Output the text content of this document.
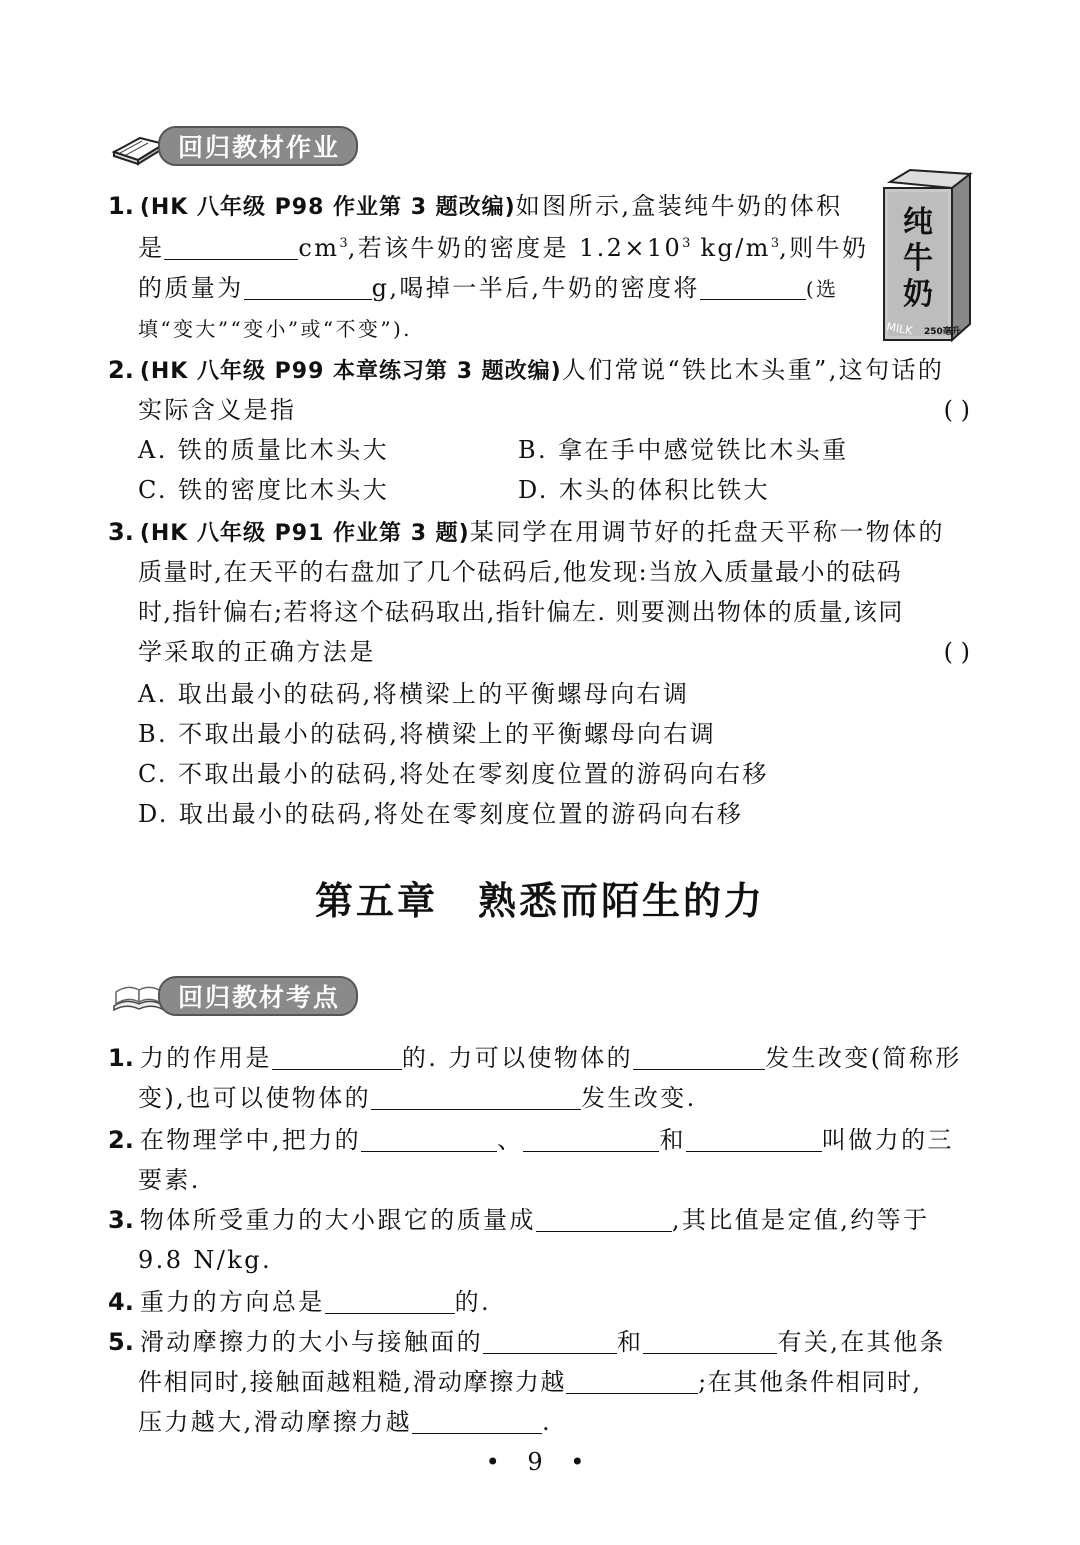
回归教材作业
1. (HK 八年级 P98 作业第 3 题改编)如图所示,盒装纯牛奶的体积
是	$cm^3$,若该牛奶的密度是 $1.2\times 10^3$ $kg/m^3$,则牛奶
的质量为	g,喝掉一半后,牛奶的密度将	(选
填“变大”“变小”或“不变”).
纯
牛
奶
MILK 250毫升
2. (HK 八年级 P99 本章练习第 3 题改编)人们常说“铁比木头重”,这句话的
实际含义是指	( )
A. 铁的质量比木头大	B. 拿在手中感觉铁比木头重
C. 铁的密度比木头大	D. 木头的体积比铁大
3. (HK 八年级 P91 作业第 3 题)某同学在用调节好的托盘天平称一物体的
质量时,在天平的右盘加了几个砝码后,他发现:当放入质量最小的砝码
时,指针偏右;若将这个砝码取出,指针偏左. 则要测出物体的质量,该同
学采取的正确方法是	( )
A. 取出最小的砝码,将横梁上的平衡螺母向右调
B. 不取出最小的砝码,将横梁上的平衡螺母向右调
C. 不取出最小的砝码,将处在零刻度位置的游码向右移
D. 取出最小的砝码,将处在零刻度位置的游码向右移
第五章 熟悉而陌生的力
回归教材考点
1. 力的作用是	的. 力可以使物体的	发生改变(简称形
变),也可以使物体的	发生改变.
2. 在物理学中,把力的	、	和	叫做力的三
要素.
3. 物体所受重力的大小跟它的质量成	,其比值是定值,约等于
9.8 N/kg.
4. 重力的方向总是	的.
5. 滑动摩擦力的大小与接触面的	和	有关,在其他条
件相同时,接触面越粗糙,滑动摩擦力越	;在其他条件相同时,
压力越大,滑动摩擦力越	.
• 9 •
